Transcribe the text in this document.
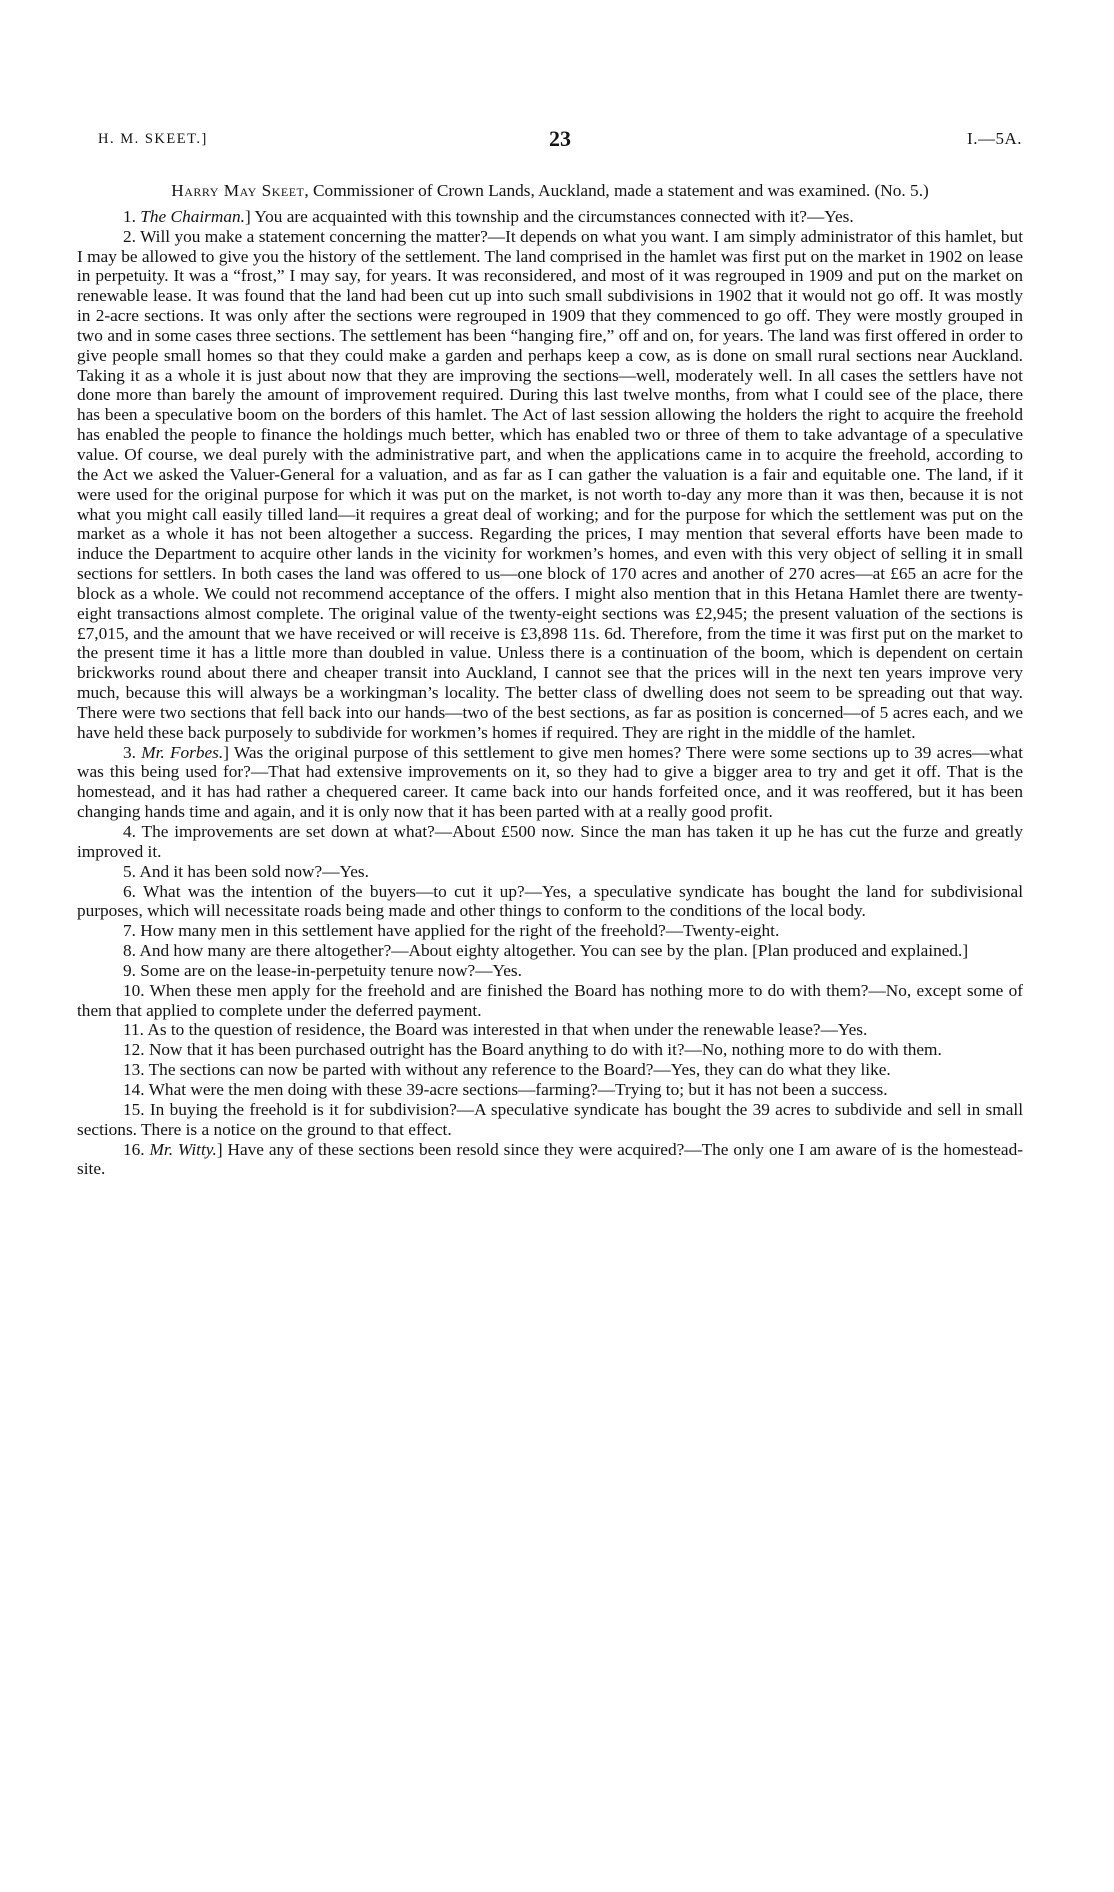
H. M. SKEET.]	23	I.—5A.

Harry May Skeet, Commissioner of Crown Lands, Auckland, made a statement and was examined. (No. 5.)

1. The Chairman.] You are acquainted with this township and the circumstances connected with it?—Yes.

2. Will you make a statement concerning the matter?—It depends on what you want. I am simply administrator of this hamlet, but I may be allowed to give you the history of the settlement. The land comprised in the hamlet was first put on the market in 1902 on lease in perpetuity. It was a “frost,” I may say, for years. It was reconsidered, and most of it was regrouped in 1909 and put on the market on renewable lease. It was found that the land had been cut up into such small subdivisions in 1902 that it would not go off. It was mostly in 2-acre sections. It was only after the sections were regrouped in 1909 that they commenced to go off. They were mostly grouped in two and in some cases three sections. The settlement has been “hanging fire,” off and on, for years. The land was first offered in order to give people small homes so that they could make a garden and perhaps keep a cow, as is done on small rural sections near Auckland. Taking it as a whole it is just about now that they are improving the sections—well, moderately well. In all cases the settlers have not done more than barely the amount of improvement required. During this last twelve months, from what I could see of the place, there has been a speculative boom on the borders of this hamlet. The Act of last session allowing the holders the right to acquire the freehold has enabled the people to finance the holdings much better, which has enabled two or three of them to take advantage of a speculative value. Of course, we deal purely with the administrative part, and when the applications came in to acquire the freehold, according to the Act we asked the Valuer-General for a valuation, and as far as I can gather the valuation is a fair and equitable one. The land, if it were used for the original purpose for which it was put on the market, is not worth to-day any more than it was then, because it is not what you might call easily tilled land—it requires a great deal of working; and for the purpose for which the settlement was put on the market as a whole it has not been altogether a success. Regarding the prices, I may mention that several efforts have been made to induce the Department to acquire other lands in the vicinity for workmen’s homes, and even with this very object of selling it in small sections for settlers. In both cases the land was offered to us—one block of 170 acres and another of 270 acres—at £65 an acre for the block as a whole. We could not recommend acceptance of the offers. I might also mention that in this Hetana Hamlet there are twenty-eight transactions almost complete. The original value of the twenty-eight sections was £2,945; the present valuation of the sections is £7,015, and the amount that we have received or will receive is £3,898 11s. 6d. Therefore, from the time it was first put on the market to the present time it has a little more than doubled in value. Unless there is a continuation of the boom, which is dependent on certain brickworks round about there and cheaper transit into Auckland, I cannot see that the prices will in the next ten years improve very much, because this will always be a workingman’s locality. The better class of dwelling does not seem to be spreading out that way. There were two sections that fell back into our hands—two of the best sections, as far as position is concerned—of 5 acres each, and we have held these back purposely to subdivide for workmen’s homes if required. They are right in the middle of the hamlet.

3. Mr. Forbes.] Was the original purpose of this settlement to give men homes? There were some sections up to 39 acres—what was this being used for?—That had extensive improvements on it, so they had to give a bigger area to try and get it off. That is the homestead, and it has had rather a chequered career. It came back into our hands forfeited once, and it was reoffered, but it has been changing hands time and again, and it is only now that it has been parted with at a really good profit.

4. The improvements are set down at what?—About £500 now. Since the man has taken it up he has cut the furze and greatly improved it.

5. And it has been sold now?—Yes.

6. What was the intention of the buyers—to cut it up?—Yes, a speculative syndicate has bought the land for subdivisional purposes, which will necessitate roads being made and other things to conform to the conditions of the local body.

7. How many men in this settlement have applied for the right of the freehold?—Twenty-eight.

8. And how many are there altogether?—About eighty altogether. You can see by the plan. [Plan produced and explained.]

9. Some are on the lease-in-perpetuity tenure now?—Yes.

10. When these men apply for the freehold and are finished the Board has nothing more to do with them?—No, except some of them that applied to complete under the deferred payment.

11. As to the question of residence, the Board was interested in that when under the renewable lease?—Yes.

12. Now that it has been purchased outright has the Board anything to do with it?—No, nothing more to do with them.

13. The sections can now be parted with without any reference to the Board?—Yes, they can do what they like.

14. What were the men doing with these 39-acre sections—farming?—Trying to; but it has not been a success.

15. In buying the freehold is it for subdivision?—A speculative syndicate has bought the 39 acres to subdivide and sell in small sections. There is a notice on the ground to that effect.

16. Mr. Witty.] Have any of these sections been resold since they were acquired?—The only one I am aware of is the homestead-site.
